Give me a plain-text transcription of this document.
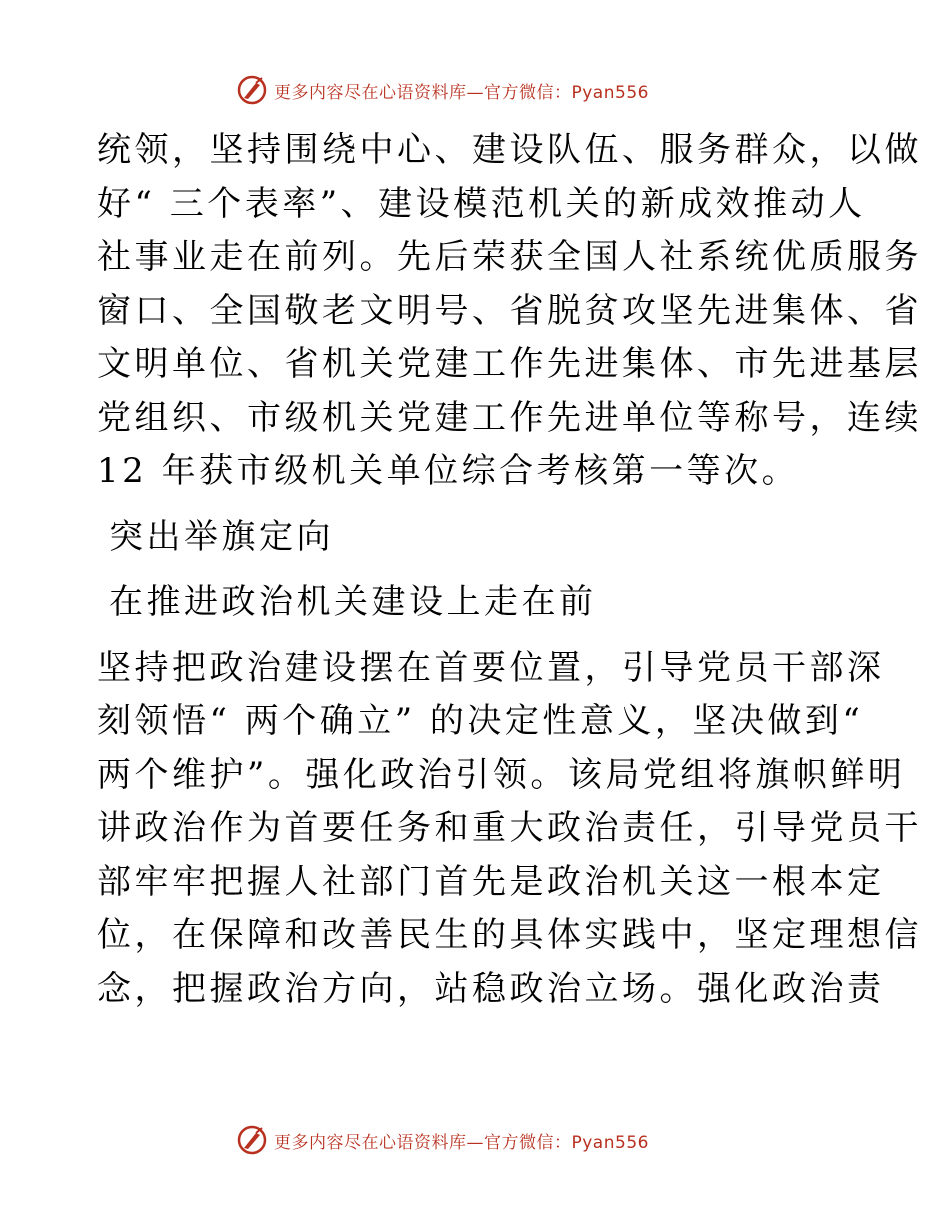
更多内容尽在心语资料库—官方微信：Pyan556

统领，坚持围绕中心、建设队伍、服务群众，以做
好“ 三个表率”、建设模范机关的新成效推动人
社事业走在前列。先后荣获全国人社系统优质服务
窗口、全国敬老文明号、省脱贫攻坚先进集体、省
文明单位、省机关党建工作先进集体、市先进基层
党组织、市级机关党建工作先进单位等称号，连续
12 年获市级机关单位综合考核第一等次。

突出举旗定向

在推进政治机关建设上走在前

坚持把政治建设摆在首要位置，引导党员干部深
刻领悟“ 两个确立” 的决定性意义，坚决做到“
两个维护”。强化政治引领。该局党组将旗帜鲜明
讲政治作为首要任务和重大政治责任，引导党员干
部牢牢把握人社部门首先是政治机关这一根本定
位，在保障和改善民生的具体实践中，坚定理想信
念，把握政治方向，站稳政治立场。强化政治责

更多内容尽在心语资料库—官方微信：Pyan556
